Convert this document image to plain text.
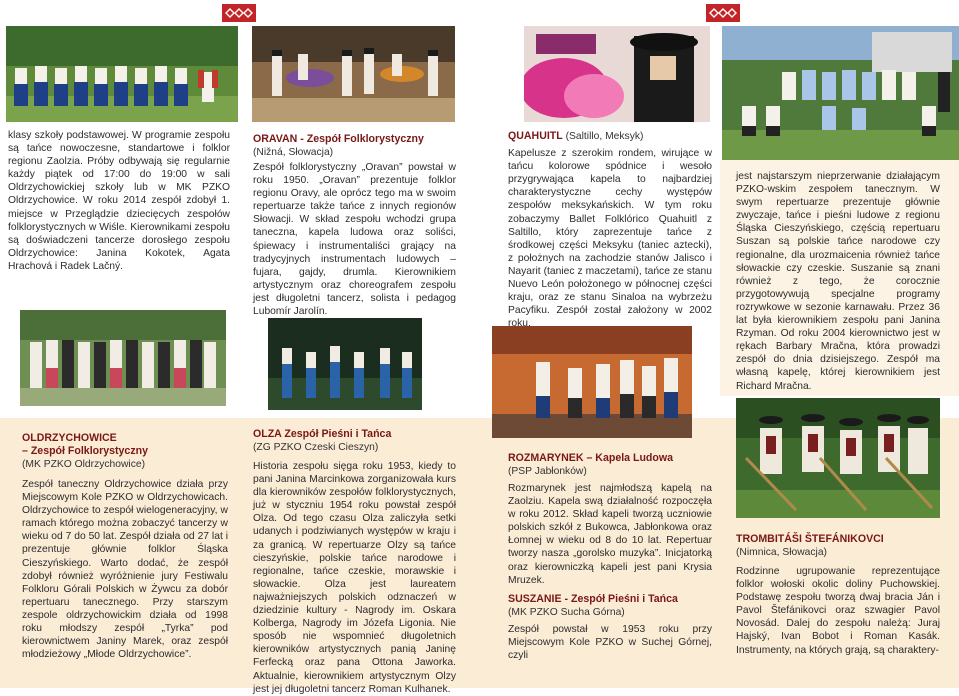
klasy szkoły podstawowej. W programie zespołu są tańce nowoczesne, standartowe i folklor regionu Zaolzia. Próby odbywają się regularnie każdy piątek od 17:00 do 19:00 w sali Oldrzychowickiej szkoły lub w MK PZKO Oldrzychowice. W roku 2014 zespół zdobył 1. miejsce w Przeglądzie dziecięcych zespołów folklorystycznych w Wiśle. Kierownikami zespołu są doświadczeni tancerze dorosłego zespołu Oldrzychowice: Janina Kokotek, Agata Hrachová i Radek Lačný.

OLDRZYCHOWICE
– Zespół Folklorystyczny
(MK PZKO Oldrzychowice)

Zespół taneczny Oldrzychowice działa przy Miejscowym Kole PZKO w Oldrzychowicach. Oldrzychowice to zespół wielogeneracyjny, w ramach którego można zobaczyć tancerzy w wieku od 7 do 50 lat. Zespół działa od 27 lat i prezentuje głównie folklor Śląska Cieszyńskiego. Warto dodać, że zespół zdobył również wyróżnienie jury Festiwalu Folkloru Górali Polskich w Żywcu za dobór repertuaru tanecznego. Przy starszym zespole oldrzychowickim działa od 1998 roku młodszy zespół „Tyrka” pod kierownictwem Janiny Marek, oraz zespół młodzieżowy „Młode Oldrzychowice”.

ORAVAN - Zespół Folklorystyczny
(Nižná, Słowacja)

Zespół folklorystyczny „Oravan” powstał w roku 1950. „Oravan” prezentuje folklor regionu Oravy, ale oprócz tego ma w swoim repertuarze także tańce z innych regionów Słowacji. W skład zespołu wchodzi grupa taneczna, kapela ludowa oraz soliści, śpiewacy i instrumentaliści grający na tradycyjnych instrumentach ludowych – fujara, gajdy, drumla. Kierownikiem artystycznym oraz choreografem zespołu jest długoletni tancerz, solista i pedagog Lubomír Jarolín.

OLZA Zespół Pieśni i Tańca
(ZG PZKO Czeski Cieszyn)

Historia zespołu sięga roku 1953, kiedy to pani Janina Marcinkowa zorganizowała kurs dla kierowników zespołów folklorystycznych, już w styczniu 1954 roku powstał zespół Olza. Od tego czasu Olza zaliczyła setki udanych i podziwianych występów w kraju i za granicą. W repertuarze Olzy są tańce cieszyńskie, polskie tańce narodowe i regionalne, tańce czeskie, morawskie i słowackie. Olza jest laureatem najważniejszych polskich odznaczeń w dziedzinie kultury - Nagrody im. Oskara Kolberga, Nagrody im Józefa Ligonia. Nie sposób nie wspomnieć długoletnich kierowników artystycznych panią Janinę Ferfecką oraz pana Ottona Jaworka. Aktualnie, kierownikiem artystycznym Olzy jest jej długoletni tancerz Roman Kulhanek.

QUAHUITL (Saltillo, Meksyk)

Kapelusze z szerokim rondem, wirujące w tańcu kolorowe spódnice i wesoło przygrywająca kapela to najbardziej charakterystyczne cechy występów zespołów meksykańskich. W tym roku zobaczymy Ballet Folklórico Quahuitl z Saltillo, który zaprezentuje tańce z środkowej części Meksyku (taniec aztecki), z położnych na zachodzie stanów Jalisco i Nayarit (taniec z maczetami), tańce ze stanu Nuevo León położonego w północnej części kraju, oraz ze stanu Sinaloa na wybrzeżu Pacyfiku. Zespół został założony w 2002 roku.

ROZMARYNEK – Kapela Ludowa
(PSP Jabłonków)

Rozmarynek jest najmłodszą kapelą na Zaolziu. Kapela swą działalność rozpoczęła w roku 2012. Skład kapeli tworzą uczniowie polskich szkół z Bukowca, Jabłonkowa oraz Łomnej w wieku od 8 do 10 lat. Repertuar tworzy nasza „gorolsko muzyka”. Inicjatorką oraz kierowniczką kapeli jest pani Krysia Mruzek.

SUSZANIE - Zespół Pieśni i Tańca
(MK PZKO Sucha Górna)

Zespół powstał w 1953 roku przy Miejscowym Kole PZKO w Suchej Górnej, czyli

jest najstarszym nieprzerwanie działającym PZKO-wskim zespołem tanecznym. W swym repertuarze prezentuje głównie zwyczaje, tańce i pieśni ludowe z regionu Śląska Cieszyńskiego, częścią repertuaru Suszan są polskie tańce narodowe czy regionalne, dla urozmaicenia również tańce słowackie czy czeskie. Suszanie są znani również z tego, że corocznie przygotowywują specjalne programy rozrywkowe w sezonie karnawału. Przez 36 lat była kierownikiem zespołu pani Janina Rzyman. Od roku 2004 kierownictwo jest w rękach Barbary Mračna, która prowadzi zespół do dnia dzisiejszego. Zespół ma własną kapelę, której kierownikiem jest Richard Mračna.

TROMBITÁŠI ŠTEFÁNIKOVCI
(Nimnica, Słowacja)

Rodzinne ugrupowanie reprezentujące folklor wołoski okolic doliny Puchowskiej. Podstawę zespołu tworzą dwaj bracia Ján i Pavol Štefánikovci oraz szwagier Pavol Novosád. Dalej do zespołu należą: Juraj Hajský, Ivan Bobot i Roman Kasák. Instrumenty, na których grają, są charaktery-
